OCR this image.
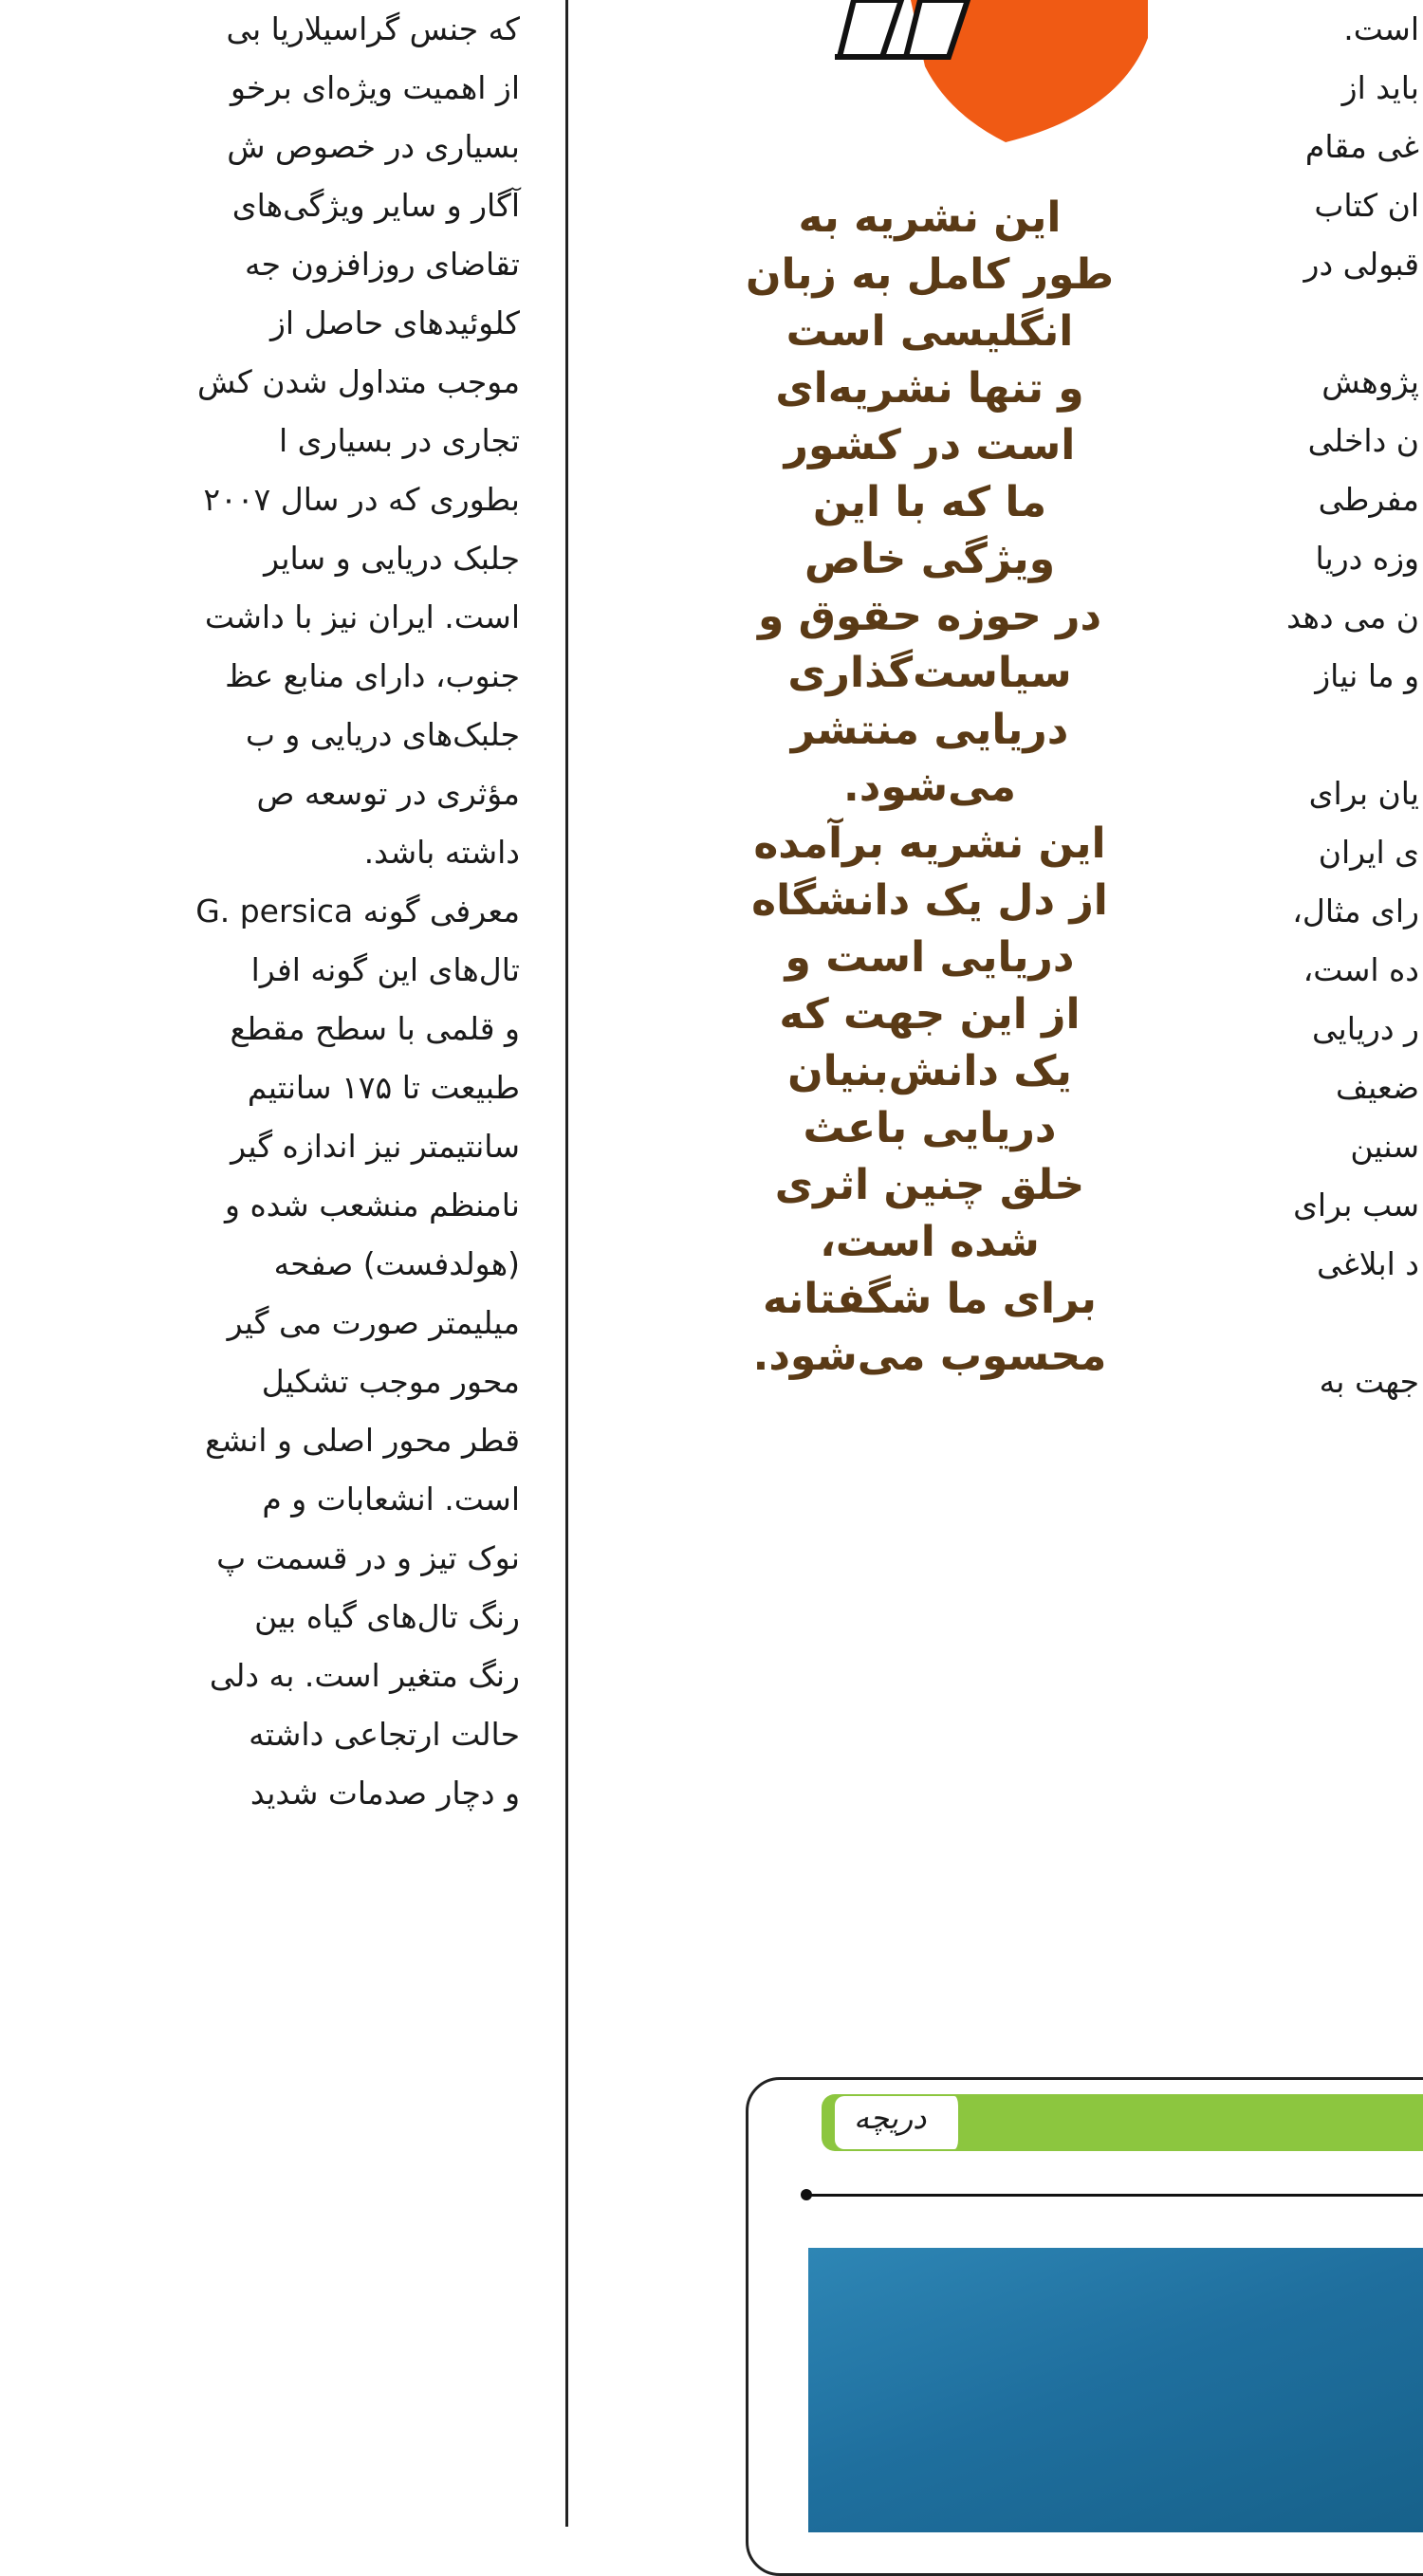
که جنس گراسیلاریا بی
از اهمیت ویژه‌ای برخو
بسیاری در خصوص ش
آگار و سایر ویژگی‌های
تقاضای روزافزون جه
کلوئیدهای حاصل از
موجب متداول شدن کش
تجاری در بسیاری ا
بطوری که در سال ۲۰۰۷
جلبک دریایی و سایر
است. ایران نیز با داشت
جنوب، دارای منابع عظ
جلبک‌های دریایی و ب
مؤثری در توسعه ص
داشته باشد.
معرفی گونه G. persica
تال‌های این گونه افرا
و قلمی با سطح مقطع
طبیعت تا ۱۷۵ سانتیم
سانتیمتر نیز اندازه گیر
نامنظم منشعب شده و
(هولدفست) صفحه
میلیمتر صورت می گیر
محور موجب تشکیل
قطر محور اصلی و انشع
است. انشعابات و م
نوک تیز و در قسمت پ
رنگ تال‌های گیاه بین
رنگ متغیر است. به دلی
حالت ارتجاعی داشته
و دچار صدمات شدید
این نشریه به
طور کامل به زبان
انگلیسی است
و تنها نشریه‌ای
است در کشور
ما که با این
ویژگی خاص
در حوزه حقوق و
سیاست‌گذاری
دریایی منتشر
می‌شود.
این نشریه برآمده
از دل یک دانشگاه
دریایی است و
از این جهت که
یک دانش‌بنیان
دریایی باعث
خلق چنین اثری
شده است،
برای ما شگفتانه
محسوب می‌شود.
است.
باید از
غی مقام
ان کتاب
قبولی در
پژوهش
ن داخلی
مفرطی
وزه دریا
ن می دهد
و ما نیاز
یان برای
ی ایران
رای مثال،
ده است،
ر دریایی
ضعیف
سنین
سب برای
د ابلاغی
جهت به
دریچه
